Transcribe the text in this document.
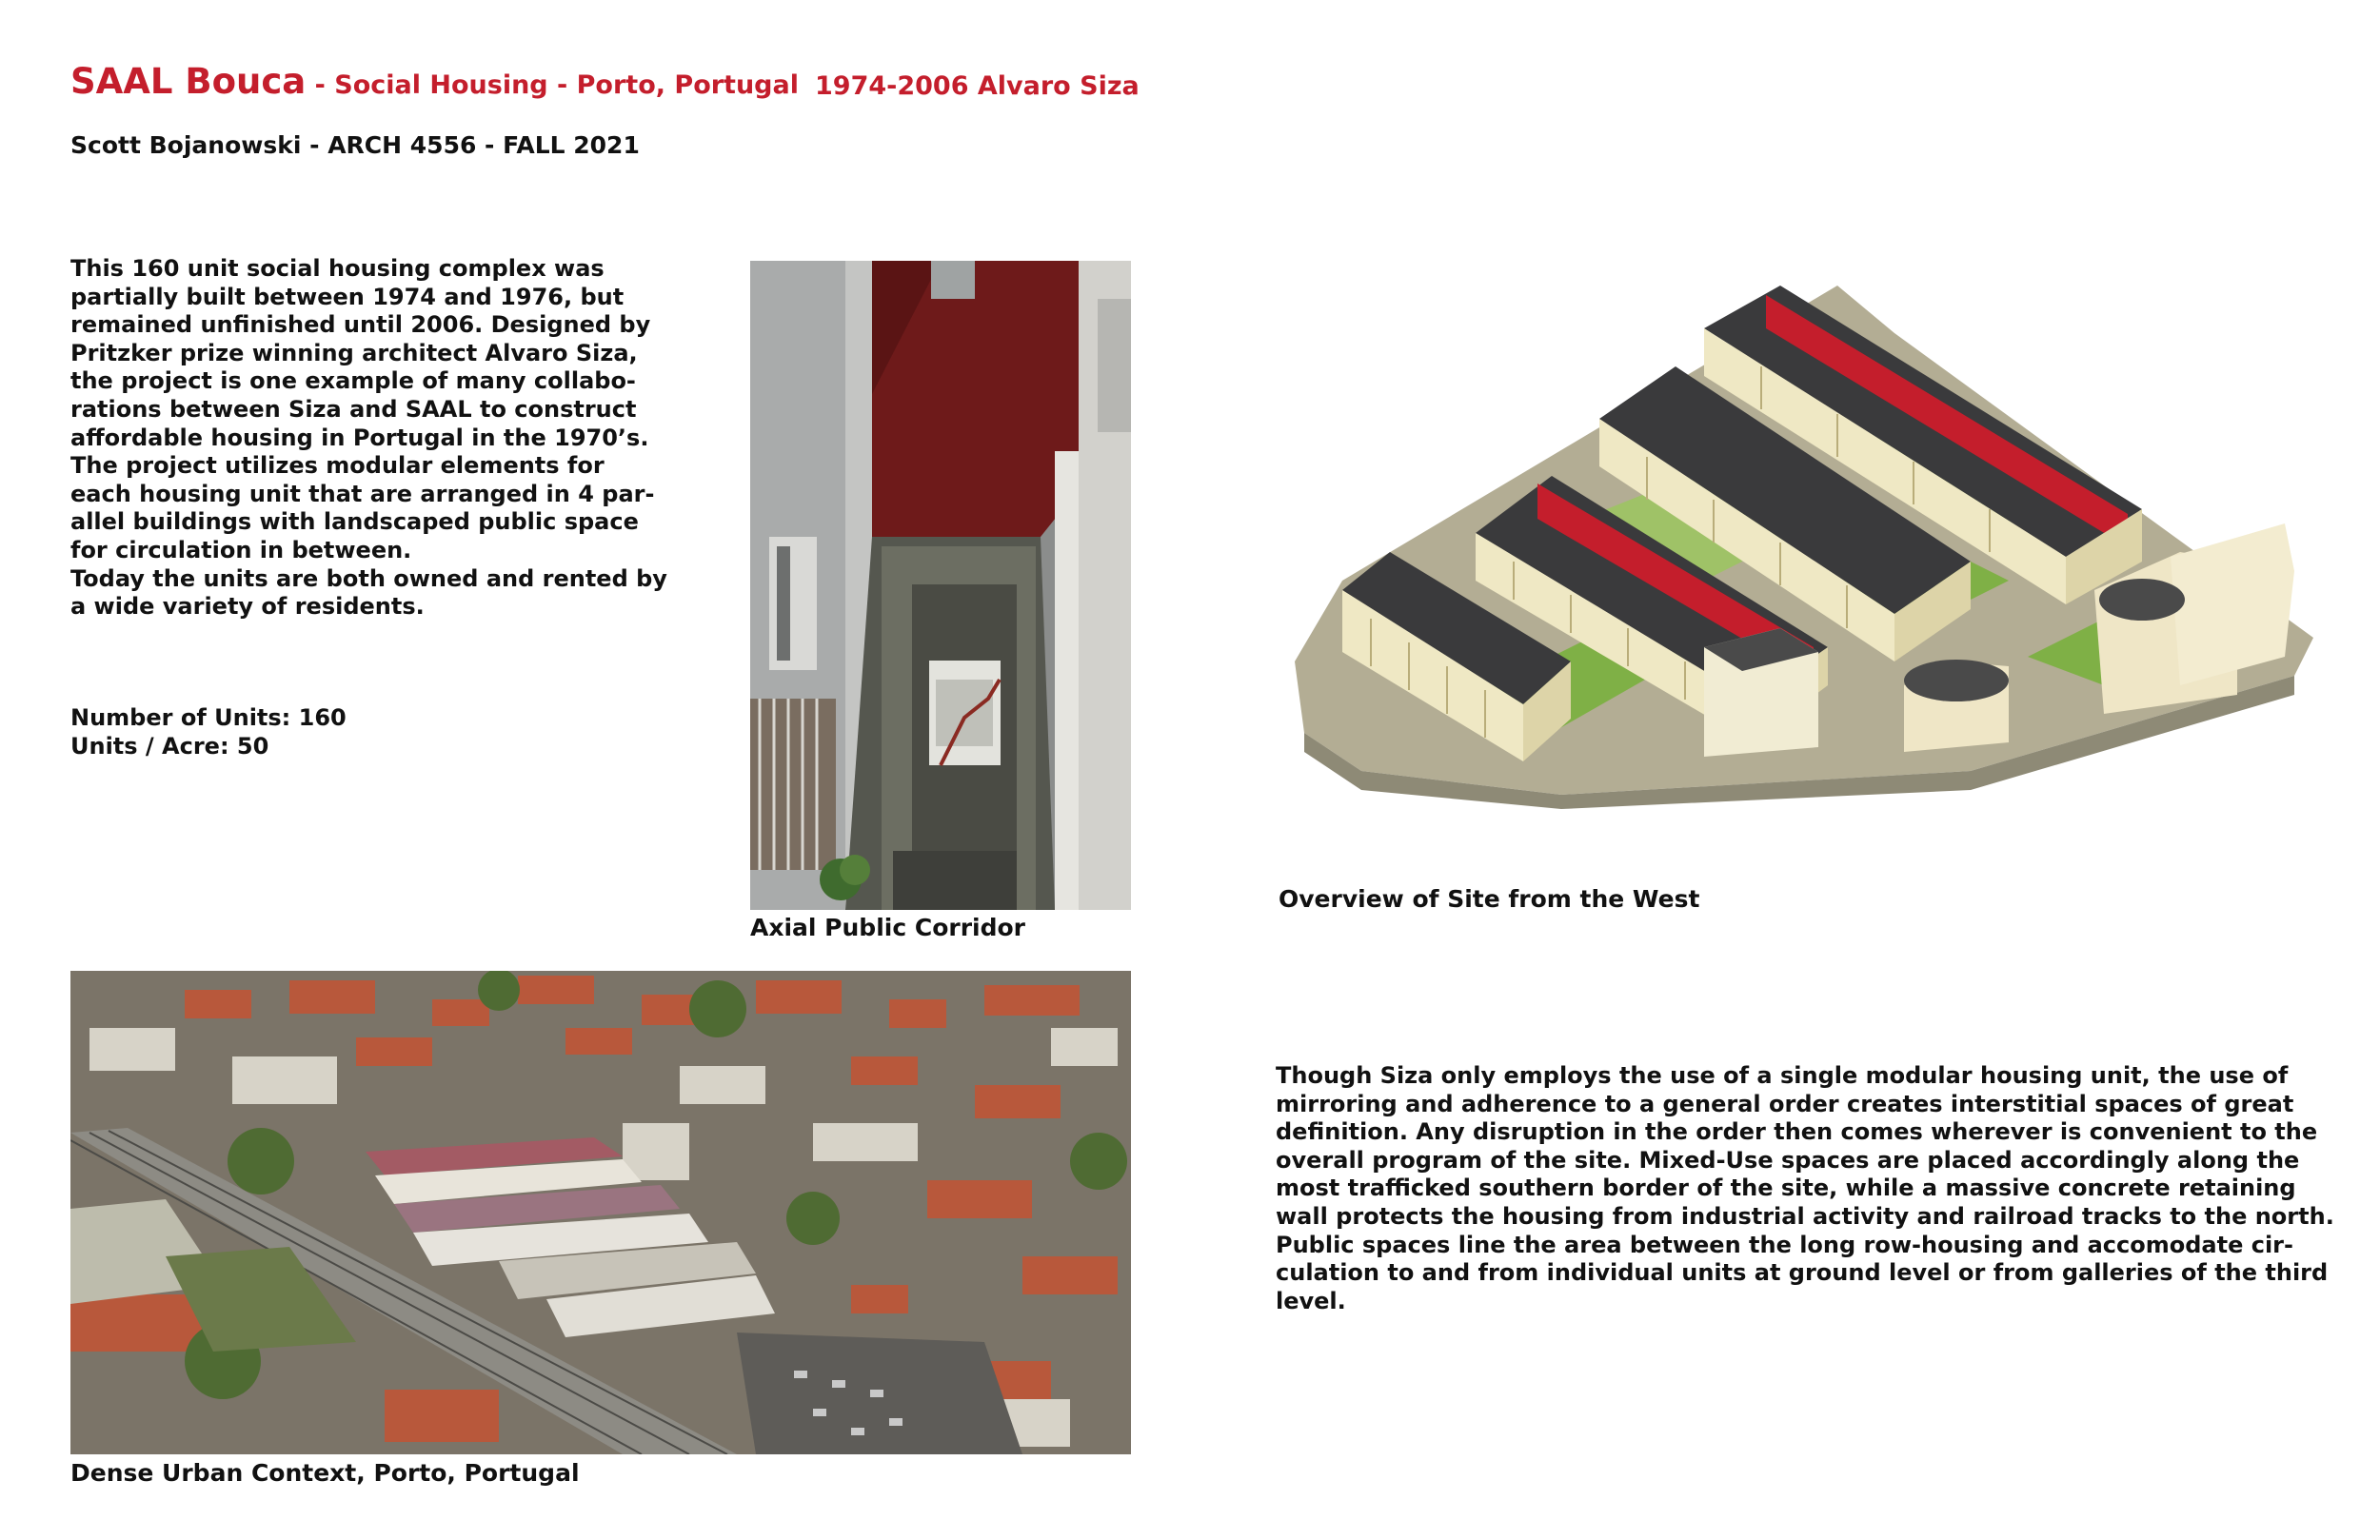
SAAL Bouca - Social Housing - Porto, Portugal 1974-2006 Alvaro Siza
Scott Bojanowski - ARCH 4556 - FALL 2021
This 160 unit social housing complex was
partially built between 1974 and 1976, but
remained unfinished until 2006. Designed by
Pritzker prize winning architect Alvaro Siza,
the project is one example of many collabo-
rations between Siza and SAAL to construct
affordable housing in Portugal in the 1970’s.
The project utilizes modular elements for
each housing unit that are arranged in 4 par-
allel buildings with landscaped public space
for circulation in between.
Today the units are both owned and rented by
a wide variety of residents.
Number of Units: 160
Units / Acre: 50
Axial Public Corridor
Overview of Site from the West
Dense Urban Context, Porto, Portugal
Though Siza only employs the use of a single modular housing unit, the use of
mirroring and adherence to a general order creates interstitial spaces of great
definition. Any disruption in the order then comes wherever is convenient to the
overall program of the site. Mixed-Use spaces are placed accordingly along the
most trafficked southern border of the site, while a massive concrete retaining
wall protects the housing from industrial activity and railroad tracks to the north.
Public spaces line the area between the long row-housing and accomodate cir-
culation to and from individual units at ground level or from galleries of the third
level.
